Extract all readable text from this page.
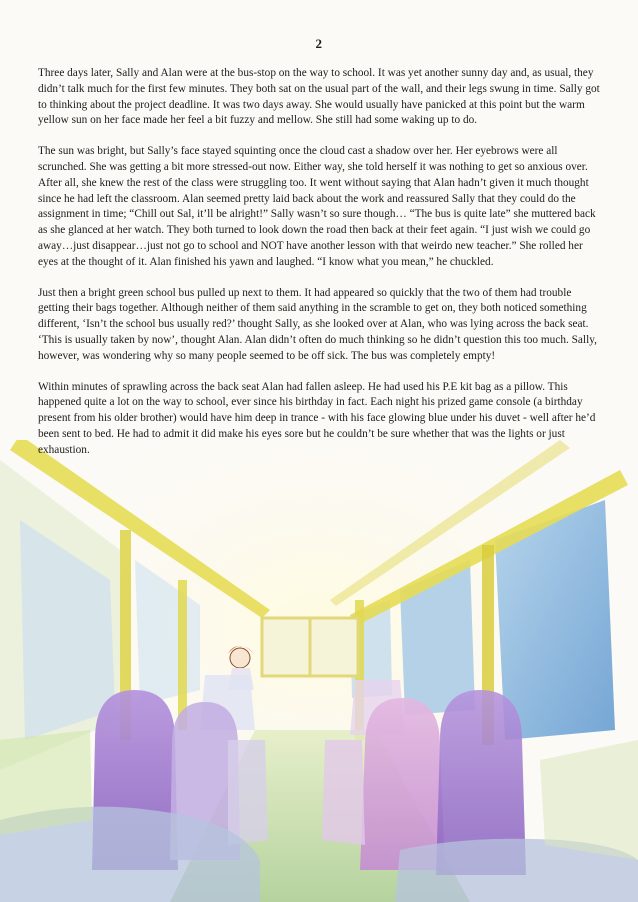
2

Three days later, Sally and Alan were at the bus-stop on the way to school. It was yet another sunny day and, as usual, they didn’t talk much for the first few minutes. They both sat on the usual part of the wall, and their legs swung in time. Sally got to thinking about the project deadline. It was two days away. She would usually have panicked at this point but the warm yellow sun on her face made her feel a bit fuzzy and mellow. She still had some waking up to do.

The sun was bright, but Sally’s face stayed squinting once the cloud cast a shadow over her. Her eyebrows were all scrunched. She was getting a bit more stressed-out now. Either way, she told herself it was nothing to get so anxious over. After all, she knew the rest of the class were struggling too. It went without saying that Alan hadn’t given it much thought since he had left the classroom. Alan seemed pretty laid back about the work and reassured Sally that they could do the assignment in time; “Chill out Sal, it’ll be alright!” Sally wasn’t so sure though… “The bus is quite late” she muttered back as she glanced at her watch. They both turned to look down the road then back at their feet again. “I just wish we could go away…just disappear…just not go to school and NOT have another lesson with that weirdo new teacher.” She rolled her eyes at the thought of it. Alan finished his yawn and laughed. “I know what you mean,” he chuckled.

Just then a bright green school bus pulled up next to them. It had appeared so quickly that the two of them had trouble getting their bags together. Although neither of them said anything in the scramble to get on, they both noticed something different, ‘Isn’t the school bus usually red?’ thought Sally, as she looked over at Alan, who was lying across the back seat. ‘This is usually taken by now’, thought Alan. Alan didn’t often do much thinking so he didn’t question this too much. Sally, however, was wondering why so many people seemed to be off sick. The bus was completely empty!

Within minutes of sprawling across the back seat Alan had fallen asleep. He had used his P.E kit bag as a pillow. This happened quite a lot on the way to school, ever since his birthday in fact. Each night his prized game console (a birthday present from his older brother) would have him deep in trance - with his face glowing blue under his duvet - well after he’d been sent to bed. He had to admit it did make his eyes sore but he couldn’t be sure whether that was the lights or just exhaustion.
